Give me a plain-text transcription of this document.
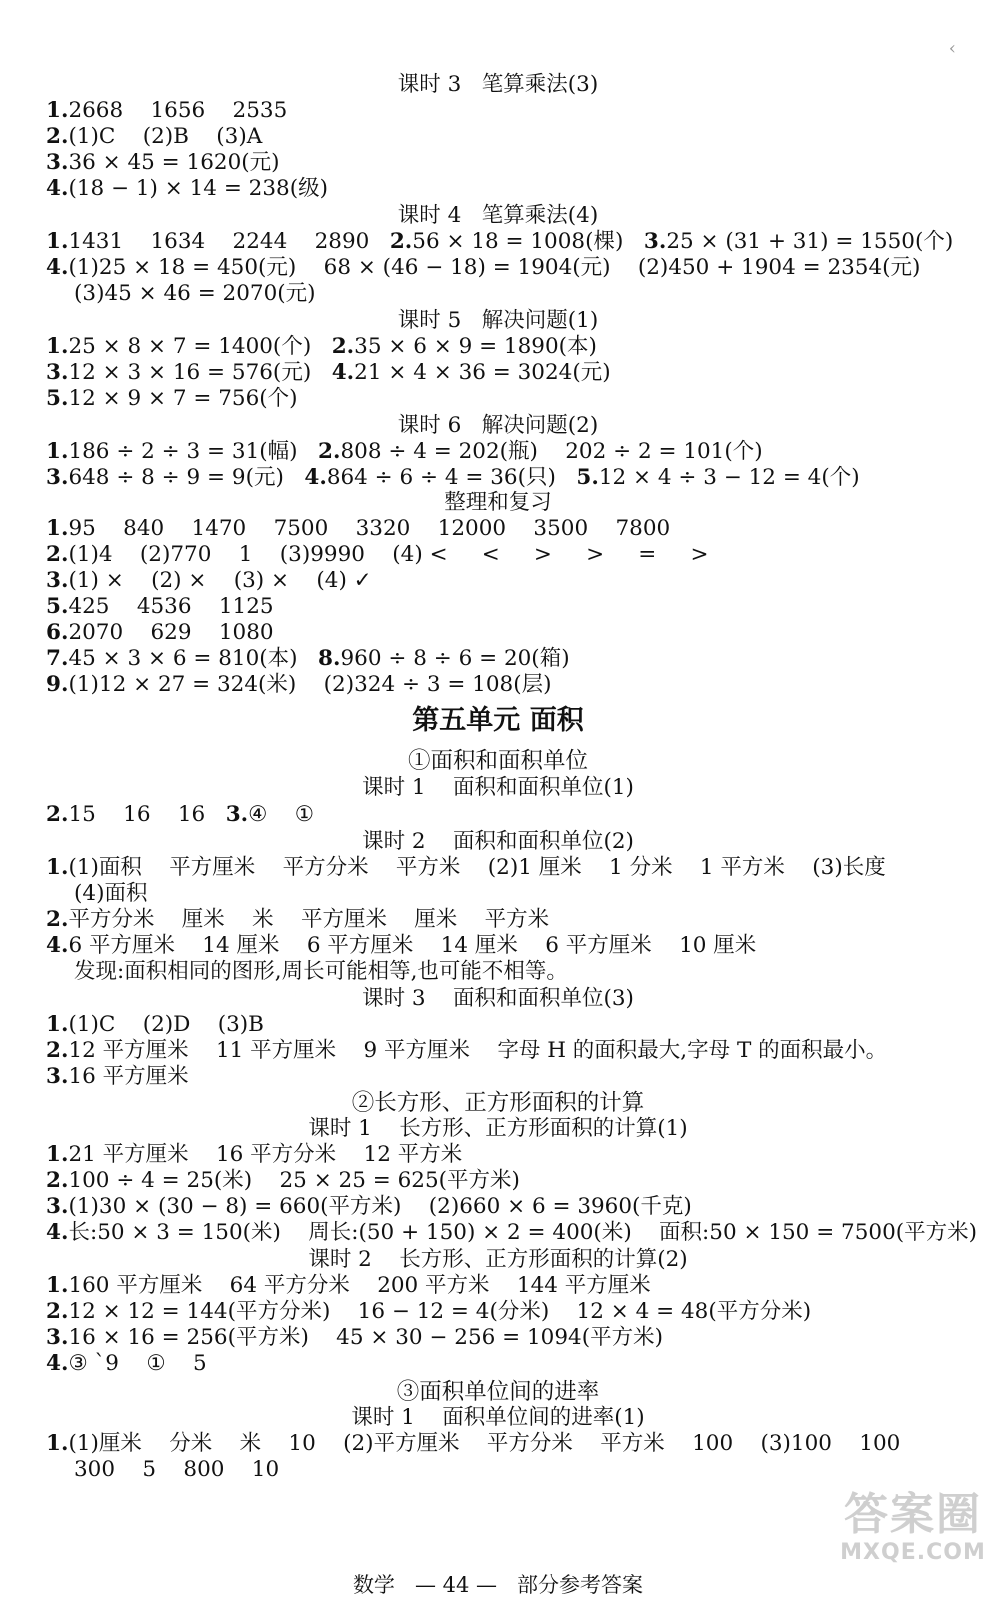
‹
课时 3   笔算乘法(3)
1.2668    1656    2535
2.(1)C    (2)B    (3)A
3.36 × 45 = 1620(元)
4.(18 − 1) × 14 = 238(级)
课时 4   笔算乘法(4)
1.1431    1634    2244    2890   2.56 × 18 = 1008(棵)   3.25 × (31 + 31) = 1550(个)
4.(1)25 × 18 = 450(元)    68 × (46 − 18) = 1904(元)    (2)450 + 1904 = 2354(元)
(3)45 × 46 = 2070(元)
课时 5   解决问题(1)
1.25 × 8 × 7 = 1400(个)   2.35 × 6 × 9 = 1890(本)
3.12 × 3 × 16 = 576(元)   4.21 × 4 × 36 = 3024(元)
5.12 × 9 × 7 = 756(个)
课时 6   解决问题(2)
1.186 ÷ 2 ÷ 3 = 31(幅)   2.808 ÷ 4 = 202(瓶)    202 ÷ 2 = 101(个)
3.648 ÷ 8 ÷ 9 = 9(元)   4.864 ÷ 6 ÷ 4 = 36(只)   5.12 × 4 ÷ 3 − 12 = 4(个)
整理和复习
1.95    840    1470    7500    3320    12000    3500    7800
2.(1)4    (2)770    1    (3)9990    (4) <     <     >     >     =     >
3.(1) ×    (2) ×    (3) ×    (4) ✓
5.425    4536    1125
6.2070    629    1080
7.45 × 3 × 6 = 810(本)   8.960 ÷ 8 ÷ 6 = 20(箱)
9.(1)12 × 27 = 324(米)    (2)324 ÷ 3 = 108(层)
第五单元 面积
①面积和面积单位
课时 1    面积和面积单位(1)
2.15    16    16   3.④    ①
课时 2    面积和面积单位(2)
1.(1)面积    平方厘米    平方分米    平方米    (2)1 厘米    1 分米    1 平方米    (3)长度
(4)面积
2.平方分米    厘米    米    平方厘米    厘米    平方米
4.6 平方厘米    14 厘米    6 平方厘米    14 厘米    6 平方厘米    10 厘米
发现:面积相同的图形,周长可能相等,也可能不相等。
课时 3    面积和面积单位(3)
1.(1)C    (2)D    (3)B
2.12 平方厘米    11 平方厘米    9 平方厘米    字母 H 的面积最大,字母 T 的面积最小。
3.16 平方厘米
②长方形、正方形面积的计算
课时 1    长方形、正方形面积的计算(1)
1.21 平方厘米    16 平方分米    12 平方米
2.100 ÷ 4 = 25(米)    25 × 25 = 625(平方米)
3.(1)30 × (30 − 8) = 660(平方米)    (2)660 × 6 = 3960(千克)
4.长:50 × 3 = 150(米)    周长:(50 + 150) × 2 = 400(米)    面积:50 × 150 = 7500(平方米)
课时 2    长方形、正方形面积的计算(2)
1.160 平方厘米    64 平方分米    200 平方米    144 平方厘米
2.12 × 12 = 144(平方分米)    16 − 12 = 4(分米)    12 × 4 = 48(平方分米)
3.16 × 16 = 256(平方米)    45 × 30 − 256 = 1094(平方米)
4.③ `9    ①    5
③面积单位间的进率
课时 1    面积单位间的进率(1)
1.(1)厘米    分米    米    10    (2)平方厘米    平方分米    平方米    100    (3)100    100
300    5    800    10
数学   — 44 —   部分参考答案
答案圈
MXQE.COM
